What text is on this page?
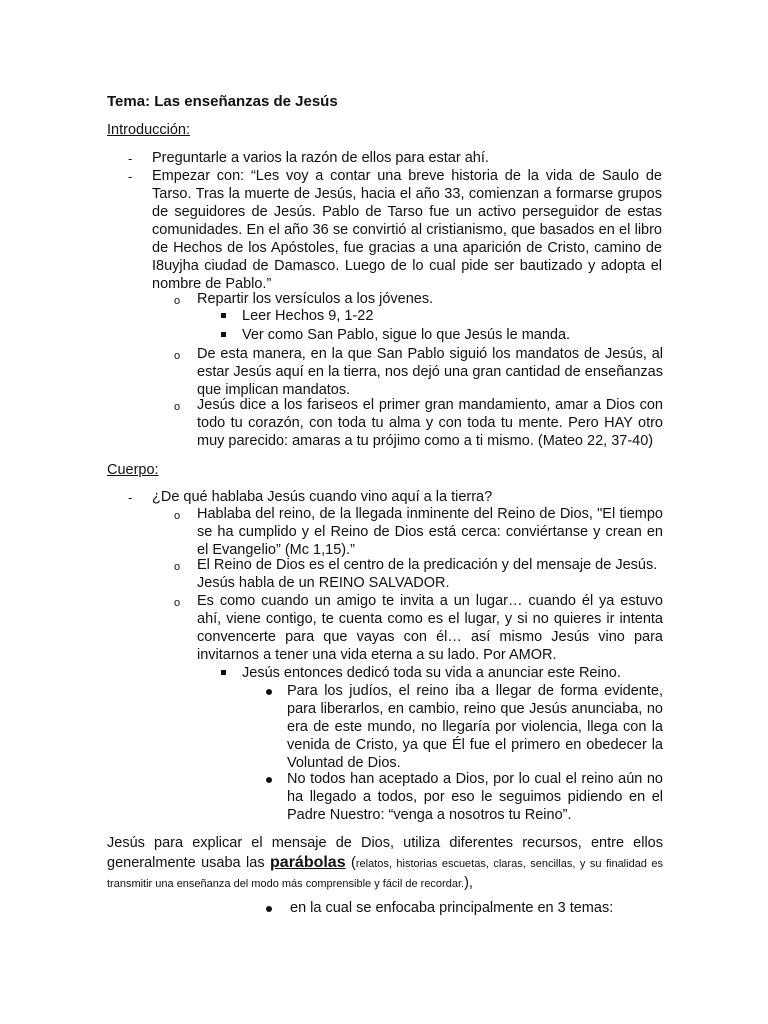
Tema: Las enseñanzas de Jesús
Introducción:
- Preguntarle a varios la razón de ellos para estar ahí.
- Empezar con: “Les voy a contar una breve historia de la vida de Saulo de Tarso. Tras la muerte de Jesús, hacia el año 33, comienzan a formarse grupos de seguidores de Jesús. Pablo de Tarso fue un activo perseguidor de estas comunidades. En el año 36 se convirtió al cristianismo, que basados en el libro de Hechos de los Apóstoles, fue gracias a una aparición de Cristo, camino de I8uyjha ciudad de Damasco. Luego de lo cual pide ser bautizado y adopta el nombre de Pablo.”
o Repartir los versículos a los jóvenes.
Leer Hechos 9, 1-22
Ver como San Pablo, sigue lo que Jesús le manda.
o De esta manera, en la que San Pablo siguió los mandatos de Jesús, al estar Jesús aquí en la tierra, nos dejó una gran cantidad de enseñanzas que implican mandatos.
o Jesús dice a los fariseos el primer gran mandamiento, amar a Dios con todo tu corazón, con toda tu alma y con toda tu mente. Pero HAY otro muy parecido: amaras a tu prójimo como a ti mismo. (Mateo 22, 37-40)
Cuerpo:
- ¿De qué hablaba Jesús cuando vino aquí a la tierra?
o Hablaba del reino, de la llegada inminente del Reino de Dios, "El tiempo se ha cumplido y el Reino de Dios está cerca: conviértanse y crean en el Evangelio” (Mc 1,15).”
o El Reino de Dios es el centro de la predicación y del mensaje de Jesús. Jesús habla de un REINO SALVADOR.
o Es como cuando un amigo te invita a un lugar… cuando él ya estuvo ahí, viene contigo, te cuenta como es el lugar, y si no quieres ir intenta convencerte para que vayas con él… así mismo Jesús vino para invitarnos a tener una vida eterna a su lado. Por AMOR.
Jesús entonces dedicó toda su vida a anunciar este Reino.
Para los judíos, el reino iba a llegar de forma evidente, para liberarlos, en cambio, reino que Jesús anunciaba, no era de este mundo, no llegaría por violencia, llega con la venida de Cristo, ya que Él fue el primero en obedecer la Voluntad de Dios.
No todos han aceptado a Dios, por lo cual el reino aún no ha llegado a todos, por eso le seguimos pidiendo en el Padre Nuestro: “venga a nosotros tu Reino”.
Jesús para explicar el mensaje de Dios, utiliza diferentes recursos, entre ellos generalmente usaba las parábolas (relatos, historias escuetas, claras, sencillas, y su finalidad es transmitir una enseñanza del modo más comprensible y fácil de recordar.),
en la cual se enfocaba principalmente en 3 temas:
